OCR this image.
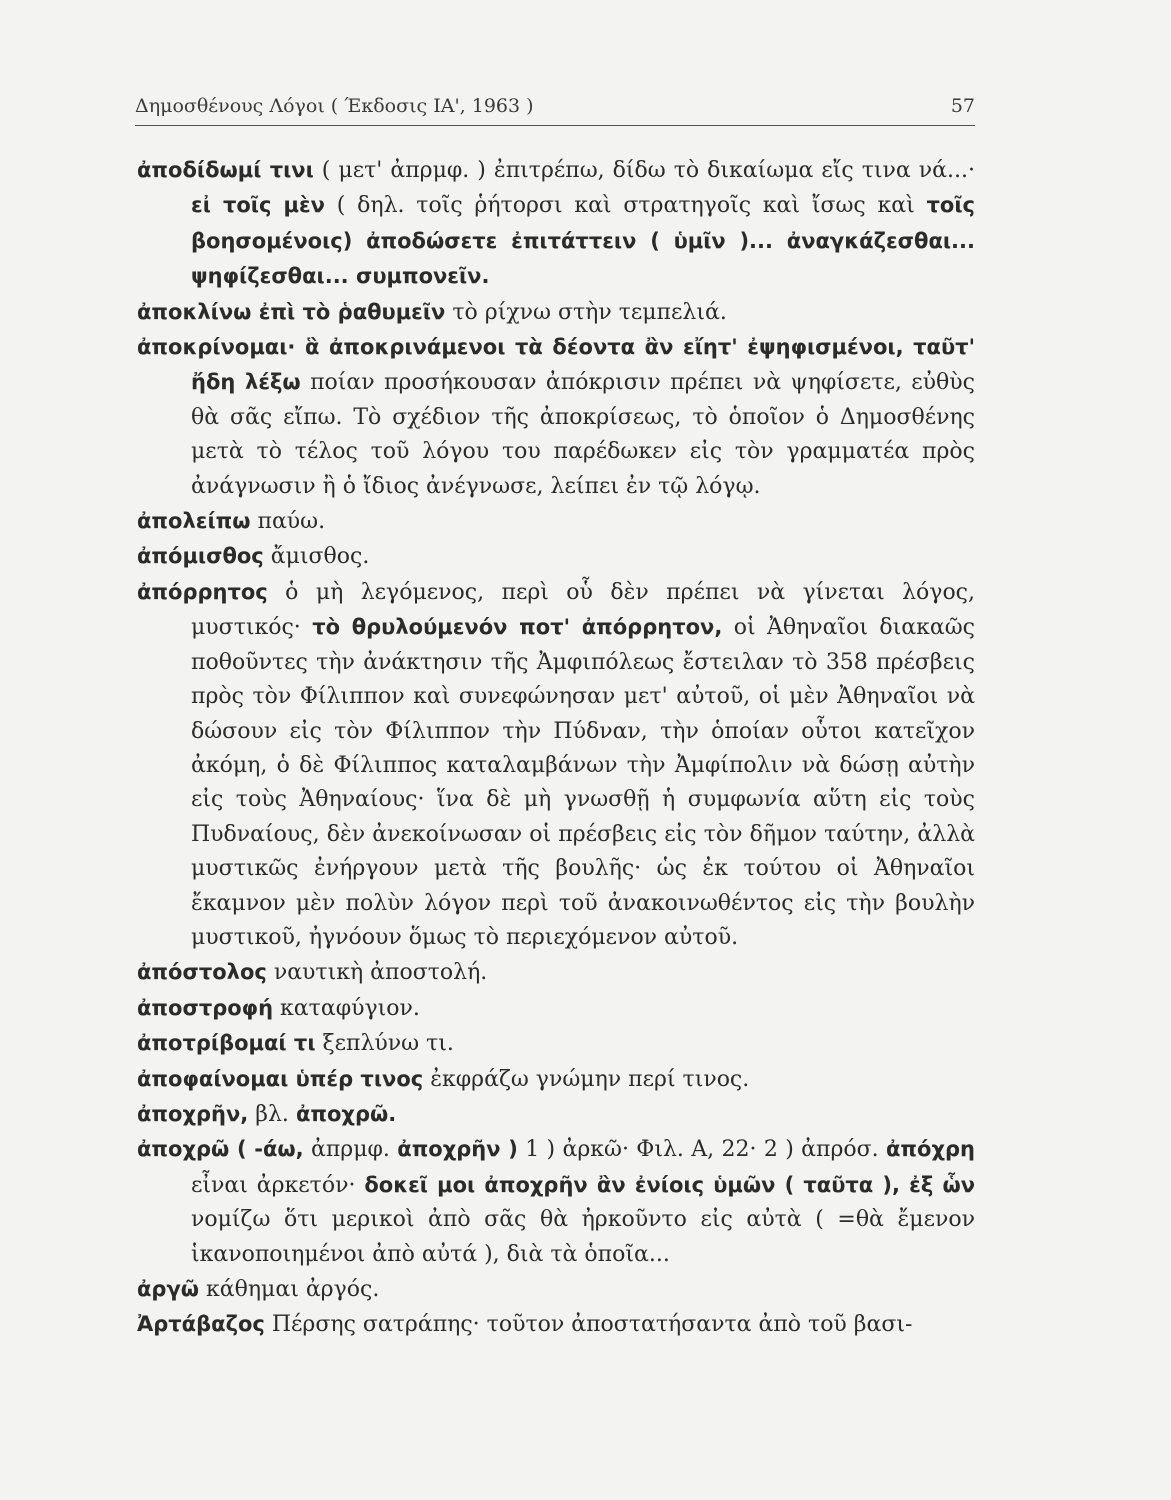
Δημοσθένους Λόγοι ( Έκδοσις ΙΑ', 1963 )	57

ἀποδίδωμί τινι ( μετ' ἀπρμφ. ) ἐπιτρέπω, δίδω τὸ δικαίωμα εἴς τινα νά...· εἰ τοῖς μὲν ( δηλ. τοῖς ῥήτορσι καὶ στρατηγοῖς καὶ ἴσως καὶ τοῖς βοησομένοις) ἀποδώσετε ἐπιτάττειν ( ὑμῖν )... ἀναγκάζεσθαι... ψηφίζεσθαι... συμπονεῖν.

ἀποκλίνω ἐπὶ τὸ ῥαθυμεῖν τὸ ρίχνω στὴν τεμπελιά.

ἀποκρίνομαι· ἃ ἀποκρινάμενοι τὰ δέοντα ἂν εἴητ' ἐψηφισμένοι, ταῦτ' ἤδη λέξω ποίαν προσήκουσαν ἀπόκρισιν πρέπει νὰ ψηφίσετε, εὐθὺς θὰ σᾶς εἴπω. Τὸ σχέδιον τῆς ἀποκρίσεως, τὸ ὁποῖον ὁ Δημοσθένης μετὰ τὸ τέλος τοῦ λόγου του παρέδωκεν εἰς τὸν γραμματέα πρὸς ἀνάγνωσιν ἢ ὁ ἴδιος ἀνέγνωσε, λείπει ἐν τῷ λόγῳ.

ἀπολείπω παύω.

ἀπόμισθος ἄμισθος.

ἀπόρρητος ὁ μὴ λεγόμενος, περὶ οὗ δὲν πρέπει νὰ γίνεται λόγος, μυστικός· τὸ θρυλούμενόν ποτ' ἀπόρρητον, οἱ Ἀθηναῖοι διακαῶς ποθοῦντες τὴν ἀνάκτησιν τῆς Ἀμφιπόλεως ἔστειλαν τὸ 358 πρέσβεις πρὸς τὸν Φίλιππον καὶ συνεφώνησαν μετ' αὐτοῦ, οἱ μὲν Ἀθηναῖοι νὰ δώσουν εἰς τὸν Φίλιππον τὴν Πύδναν, τὴν ὁποίαν οὗτοι κατεῖχον ἀκόμη, ὁ δὲ Φίλιππος καταλαμβάνων τὴν Ἀμφίπολιν νὰ δώσῃ αὐτὴν εἰς τοὺς Ἀθηναίους· ἵνα δὲ μὴ γνωσθῇ ἡ συμφωνία αὕτη εἰς τοὺς Πυδναίους, δὲν ἀνεκοίνωσαν οἱ πρέσβεις εἰς τὸν δῆμον ταύτην, ἀλλὰ μυστικῶς ἐνήργουν μετὰ τῆς βουλῆς· ὡς ἐκ τούτου οἱ Ἀθηναῖοι ἔκαμνον μὲν πολὺν λόγον περὶ τοῦ ἀνακοινωθέντος εἰς τὴν βουλὴν μυστικοῦ, ἠγνόουν ὅμως τὸ περιεχόμενον αὐτοῦ.

ἀπόστολος ναυτικὴ ἀποστολή.

ἀποστροφή καταφύγιον.

ἀποτρίβομαί τι ξεπλύνω τι.

ἀποφαίνομαι ὑπέρ τινος ἐκφράζω γνώμην περί τινος.

ἀποχρῆν, βλ. ἀποχρῶ.

ἀποχρῶ ( -άω, ἀπρμφ. ἀποχρῆν ) 1 ) ἀρκῶ· Φιλ. Α, 22· 2 ) ἀπρόσ. ἀπόχρη εἶναι ἀρκετόν· δοκεῖ μοι ἀποχρῆν ἂν ἐνίοις ὑμῶν ( ταῦτα ), ἐξ ὧν νομίζω ὅτι μερικοὶ ἀπὸ σᾶς θὰ ἠρκοῦντο εἰς αὐτὰ ( =θὰ ἔμενον ἱκανοποιημένοι ἀπὸ αὐτά ), διὰ τὰ ὁποῖα...

ἀργῶ κάθημαι ἀργός.

Ἀρτάβαζος Πέρσης σατράπης· τοῦτον ἀποστατήσαντα ἀπὸ τοῦ βασι-
